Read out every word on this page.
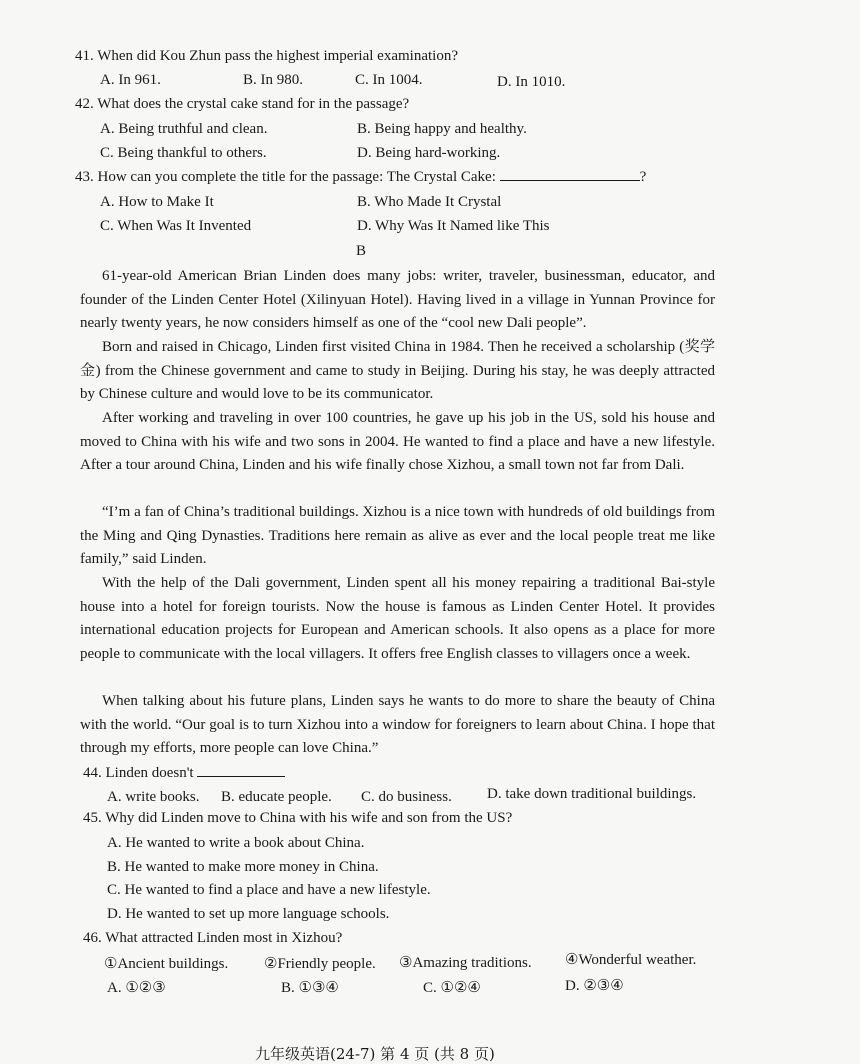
41. When did Kou Zhun pass the highest imperial examination?
A. In 961.	B. In 980.	C. In 1004.	D. In 1010.
42. What does the crystal cake stand for in the passage?
A. Being truthful and clean.	B. Being happy and healthy.
C. Being thankful to others.	D. Being hard-working.
43. How can you complete the title for the passage: The Crystal Cake:	?
A. How to Make It	B. Who Made It Crystal
C. When Was It Invented	D. Why Was It Named like This
B
61-year-old American Brian Linden does many jobs: writer, traveler, businessman, educator, and founder of the Linden Center Hotel (Xilinyuan Hotel). Having lived in a village in Yunnan Province for nearly twenty years, he now considers himself as one of the “cool new Dali people”.
Born and raised in Chicago, Linden first visited China in 1984. Then he received a scholarship (奖学金) from the Chinese government and came to study in Beijing. During his stay, he was deeply attracted by Chinese culture and would love to be its communicator.
After working and traveling in over 100 countries, he gave up his job in the US, sold his house and moved to China with his wife and two sons in 2004. He wanted to find a place and have a new lifestyle. After a tour around China, Linden and his wife finally chose Xizhou, a small town not far from Dali.
“I’m a fan of China’s traditional buildings. Xizhou is a nice town with hundreds of old buildings from the Ming and Qing Dynasties. Traditions here remain as alive as ever and the local people treat me like family,” said Linden.
With the help of the Dali government, Linden spent all his money repairing a traditional Bai-style house into a hotel for foreign tourists. Now the house is famous as Linden Center Hotel. It provides international education projects for European and American schools. It also opens as a place for more people to communicate with the local villagers. It offers free English classes to villagers once a week.
When talking about his future plans, Linden says he wants to do more to share the beauty of China with the world. “Our goal is to turn Xizhou into a window for foreigners to learn about China. I hope that through my efforts, more people can love China.”
44. Linden doesn't
A. write books. B. educate people. C. do business. D. take down traditional buildings.
45. Why did Linden move to China with his wife and son from the US?
A. He wanted to write a book about China.
B. He wanted to make more money in China.
C. He wanted to find a place and have a new lifestyle.
D. He wanted to set up more language schools.
46. What attracted Linden most in Xizhou?
①Ancient buildings. ②Friendly people. ③Amazing traditions. ④Wonderful weather.
A. ①②③	B. ①③④	C. ①②④	D. ②③④
九年级英语(24-7) 第 4 页 (共 8 页)
